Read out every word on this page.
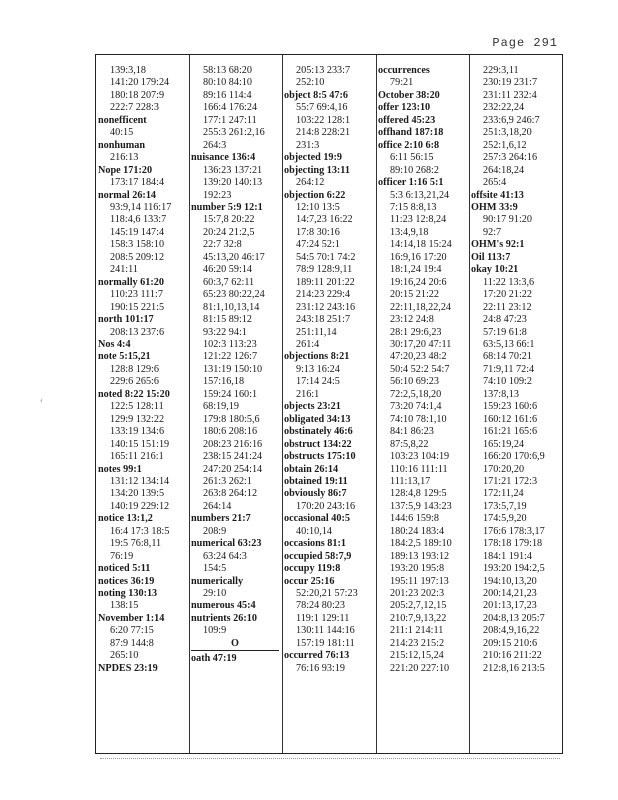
Page 291
‹
139:3,18
141:20 179:24
180:18 207:9
222:7 228:3
nonefficent
40:15
nonhuman
216:13
Nope 171:20
173:17 184:4
normal 26:14
93:9,14 116:17
118:4,6 133:7
145:19 147:4
158:3 158:10
208:5 209:12
241:11
normally 61:20
110:23 111:7
190:15 221:5
north 101:17
208:13 237:6
Nos 4:4
note 5:15,21
128:8 129:6
229:6 265:6
noted 8:22 15:20
122:5 128:11
129:9 132:22
133:19 134:6
140:15 151:19
165:11 216:1
notes 99:1
131:12 134:14
134:20 139:5
140:19 229:12
notice 13:1,2
16:4 17:3 18:5
19:5 76:8,11
76:19
noticed 5:11
notices 36:19
noting 130:13
138:15
November 1:14
6:20 77:15
87:9 144:8
265:10
NPDES 23:19
58:13 68:20
80:10 84:10
89:16 114:4
166:4 176:24
177:1 247:11
255:3 261:2,16
264:3
nuisance 136:4
136:23 137:21
139:20 140:13
192:23
number 5:9 12:1
15:7,8 20:22
20:24 21:2,5
22:7 32:8
45:13,20 46:17
46:20 59:14
60:3,7 62:11
65:23 80:22,24
81:1,10,13,14
81:15 89:12
93:22 94:1
102:3 113:23
121:22 126:7
131:19 150:10
157:16,18
159:24 160:1
68:19,19
179:8 180:5,6
180:6 208:16
208:23 216:16
238:15 241:24
247:20 254:14
261:3 262:1
263:8 264:12
264:14
numbers 21:7
208:9
numerical 63:23
63:24 64:3
154:5
numerically
29:10
numerous 45:4
nutrients 26:10
109:9
O
oath 47:19
205:13 233:7
252:10
object 8:5 47:6
55:7 69:4,16
103:22 128:1
214:8 228:21
231:3
objected 19:9
objecting 13:11
264:12
objection 6:22
12:10 13:5
14:7,23 16:22
17:8 30:16
47:24 52:1
54:5 70:1 74:2
78:9 128:9,11
189:11 201:22
214:23 229:4
231:12 243:16
243:18 251:7
251:11,14
261:4
objections 8:21
9:13 16:24
17:14 24:5
216:1
objects 23:21
obligated 34:13
obstinately 46:6
obstruct 134:22
obstructs 175:10
obtain 26:14
obtained 19:11
obviously 86:7
170:20 243:16
occasional 40:5
40:10,14
occasions 81:1
occupied 58:7,9
occupy 119:8
occur 25:16
52:20,21 57:23
78:24 80:23
119:1 129:11
130:11 144:16
157:19 181:11
occurred 76:13
76:16 93:19
occurrences
79:21
October 38:20
offer 123:10
offered 45:23
offhand 187:18
office 2:10 6:8
6:11 56:15
89:10 268:2
officer 1:16 5:1
5:3 6:13,21,24
7:15 8:8,13
11:23 12:8,24
13:4,9,18
14:14,18 15:24
16:9,16 17:20
18:1,24 19:4
19:16,24 20:6
20:15 21:22
22:11,18,22,24
23:12 24:8
28:1 29:6,23
30:17,20 47:11
47:20,23 48:2
50:4 52:2 54:7
56:10 69:23
72:2,5,18,20
73:20 74:1,4
74:10 78:1,10
84:1 86:23
87:5,8,22
103:23 104:19
110:16 111:11
111:13,17
128:4,8 129:5
137:5,9 143:23
144:6 159:8
180:24 183:4
184:2,5 189:10
189:13 193:12
193:20 195:8
195:11 197:13
201:23 202:3
205:2,7,12,15
210:7,9,13,22
211:1 214:11
214:23 215:2
215:12,15,24
221:20 227:10
229:3,11
230:19 231:7
231:11 232:4
232:22,24
233:6,9 246:7
251:3,18,20
252:1,6,12
257:3 264:16
264:18,24
265:4
offsite 41:13
OHM 33:9
90:17 91:20
92:7
OHM's 92:1
Oil 113:7
okay 10:21
11:22 13:3,6
17:20 21:22
22:11 23:12
24:8 47:23
57:19 61:8
63:5,13 66:1
68:14 70:21
71:9,11 72:4
74:10 109:2
137:8,13
159:23 160:6
160:12 161:6
161:21 165:6
165:19,24
166:20 170:6,9
170:20,20
171:21 172:3
172:11,24
173:5,7,19
174:5,9,20
176:6 178:3,17
178:18 179:18
184:1 191:4
193:20 194:2,5
194:10,13,20
200:14,21,23
201:13,17,23
204:8,13 205:7
208:4,9,16,22
209:15 210:6
210:16 211:22
212:8,16 213:5
